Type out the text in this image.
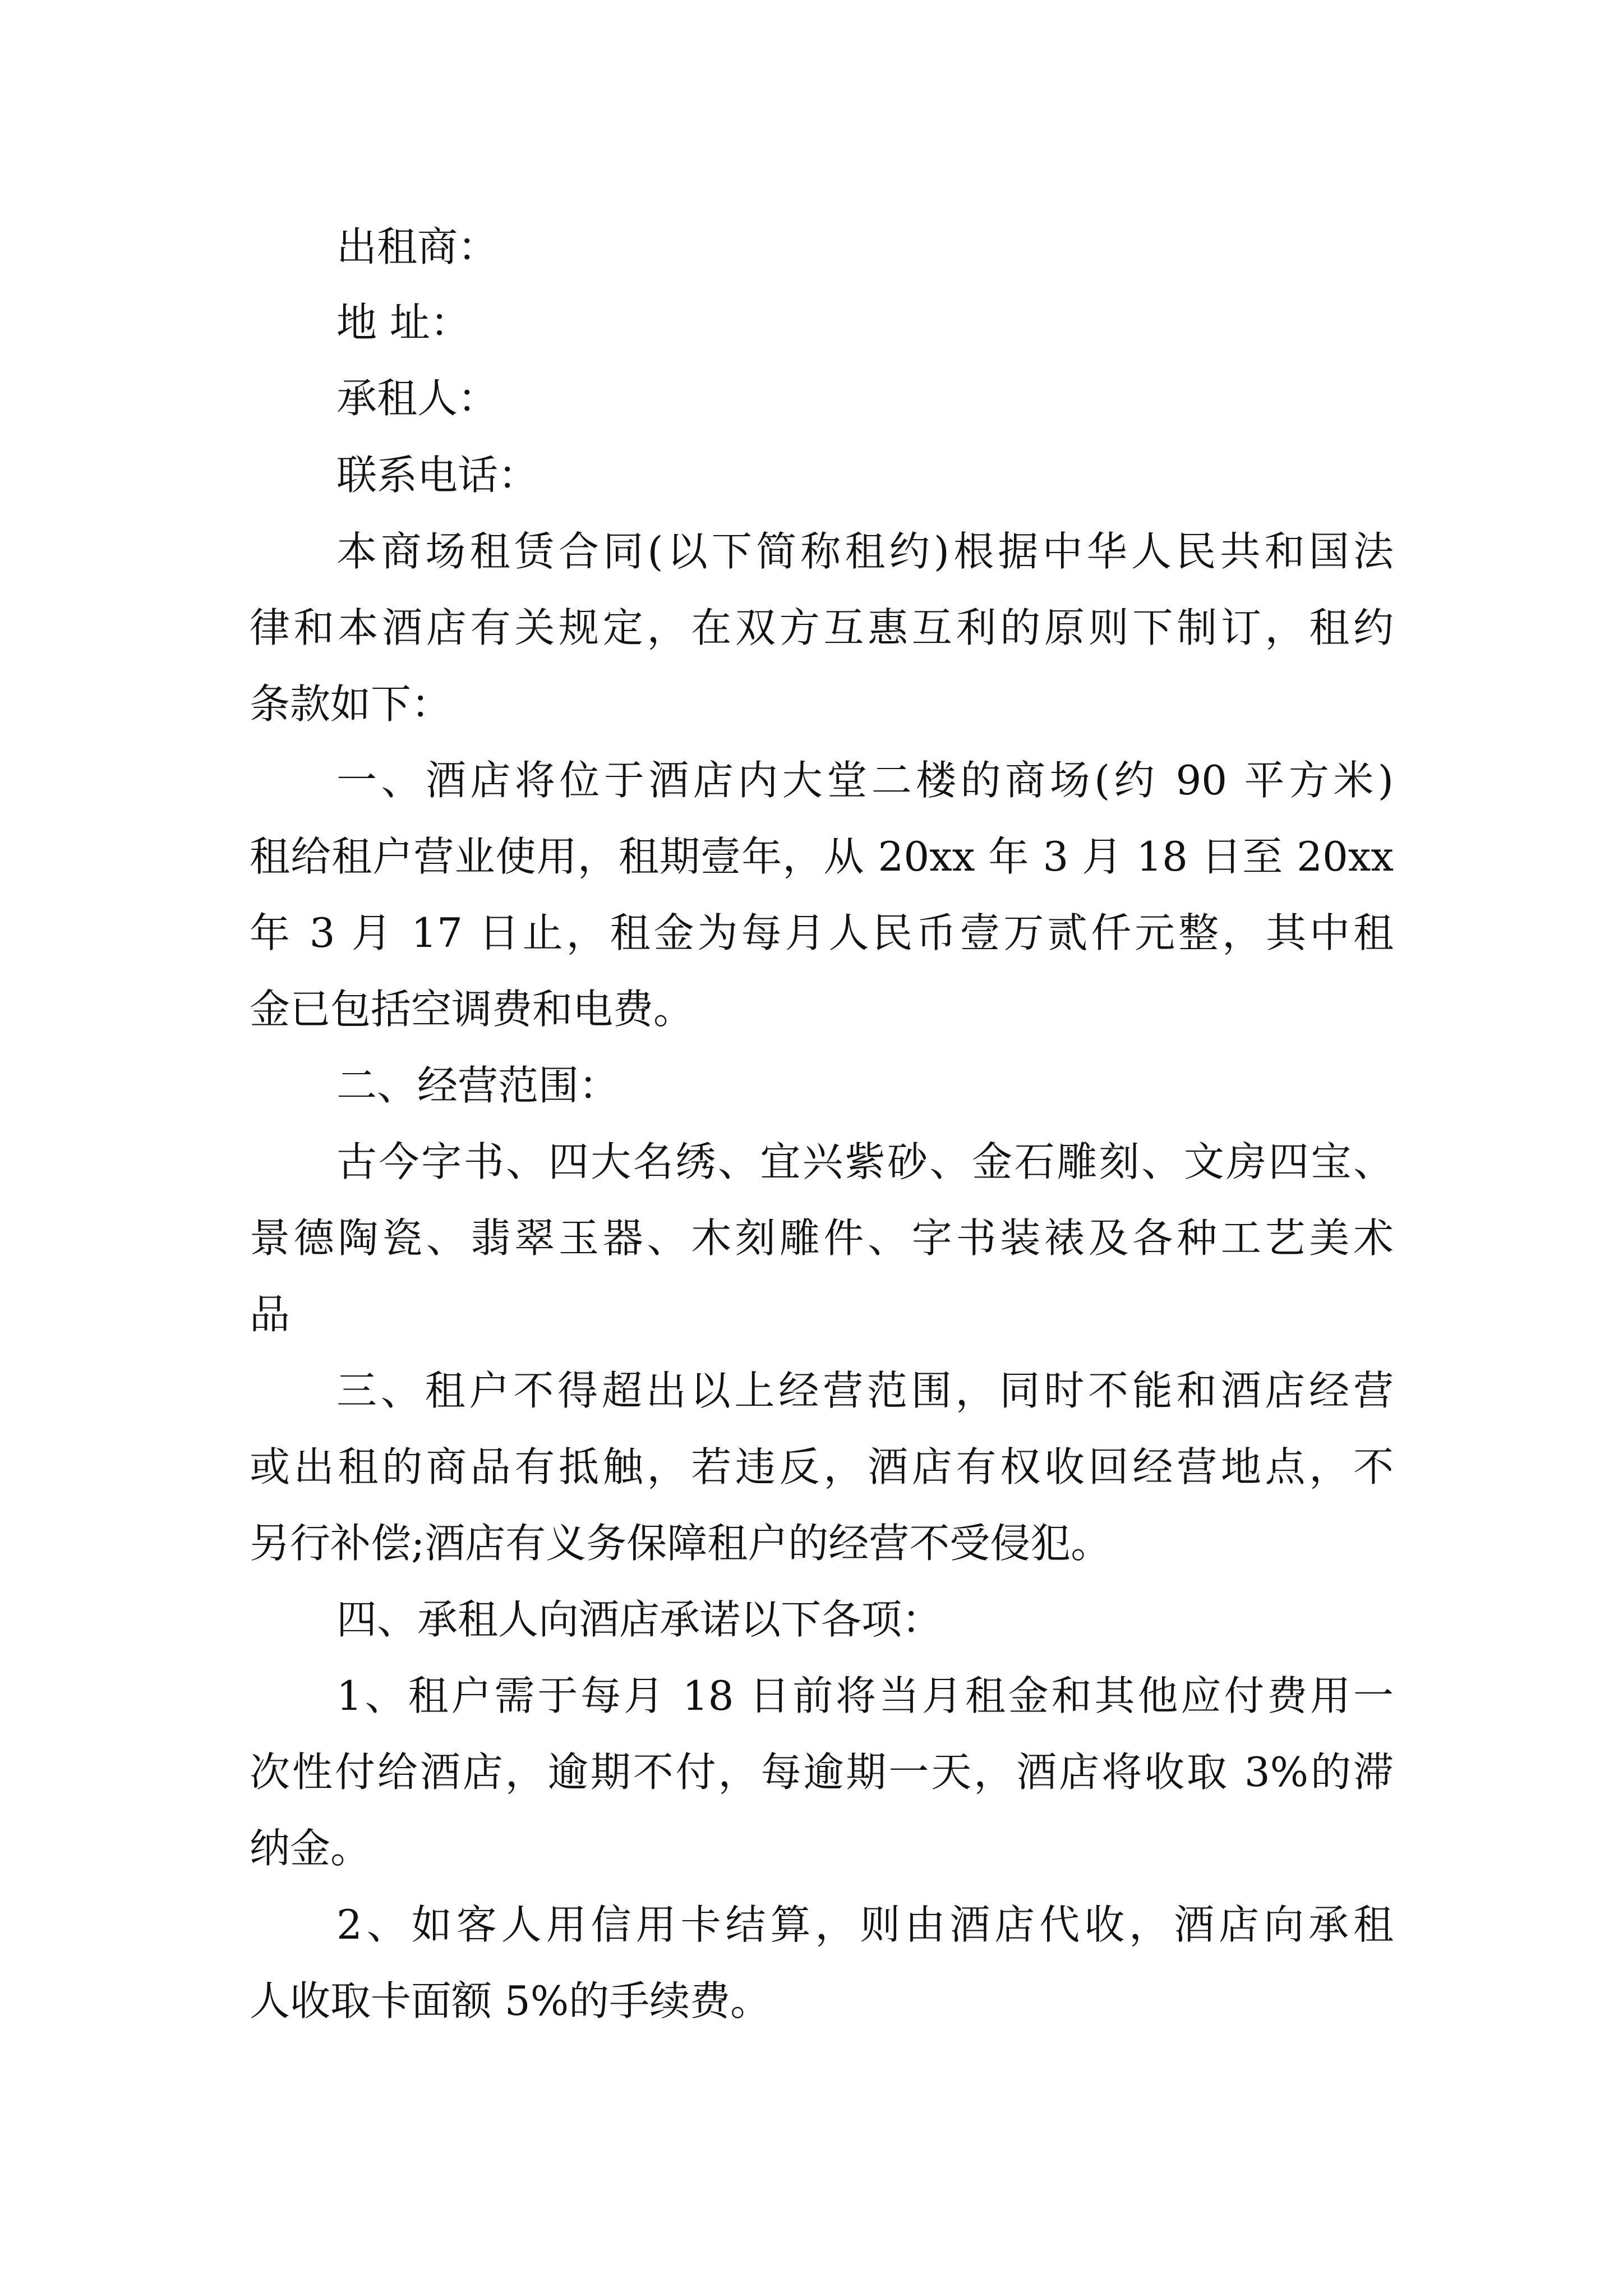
出租商：
地 址：
承租人：
联系电话：
本商场租赁合同(以下简称租约)根据中华人民共和国法
律和本酒店有关规定，在双方互惠互利的原则下制订，租约
条款如下：
一、酒店将位于酒店内大堂二楼的商场(约 90 平方米)
租给租户营业使用，租期壹年，从 20xx 年 3 月 18 日至 20xx
年 3 月 17 日止，租金为每月人民币壹万贰仟元整，其中租
金已包括空调费和电费。
二、经营范围：
古今字书、四大名绣、宜兴紫砂、金石雕刻、文房四宝、
景德陶瓷、翡翠玉器、木刻雕件、字书装裱及各种工艺美术
品
三、租户不得超出以上经营范围，同时不能和酒店经营
或出租的商品有抵触，若违反，酒店有权收回经营地点，不
另行补偿;酒店有义务保障租户的经营不受侵犯。
四、承租人向酒店承诺以下各项：
1、租户需于每月 18 日前将当月租金和其他应付费用一
次性付给酒店，逾期不付，每逾期一天，酒店将收取 3%的滞
纳金。
2、如客人用信用卡结算，则由酒店代收，酒店向承租
人收取卡面额 5%的手续费。
